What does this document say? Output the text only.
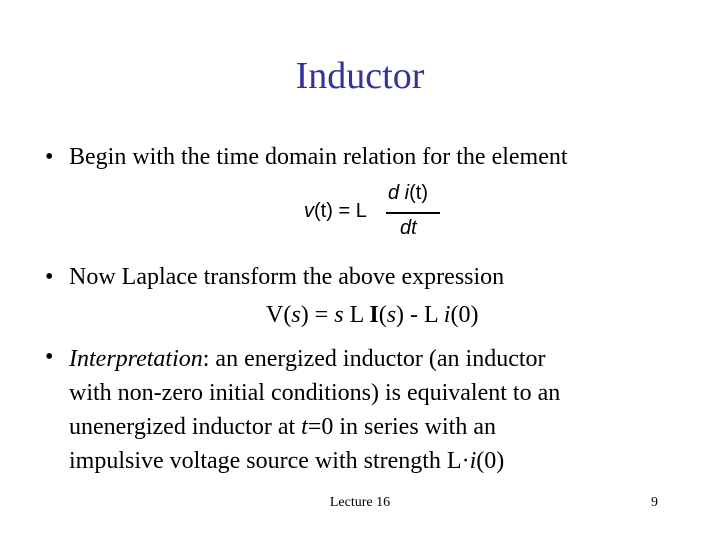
Inductor
• Begin with the time domain relation for the element
v(t) = L
d i(t)
dt
• Now Laplace transform the above expression
V(s) = s L I(s) - L i(0)
• Interpretation: an energized inductor (an inductor
with non-zero initial conditions) is equivalent to an
unenergized inductor at t=0 in series with an
impulsive voltage source with strength L·i(0)
Lecture 16	9
